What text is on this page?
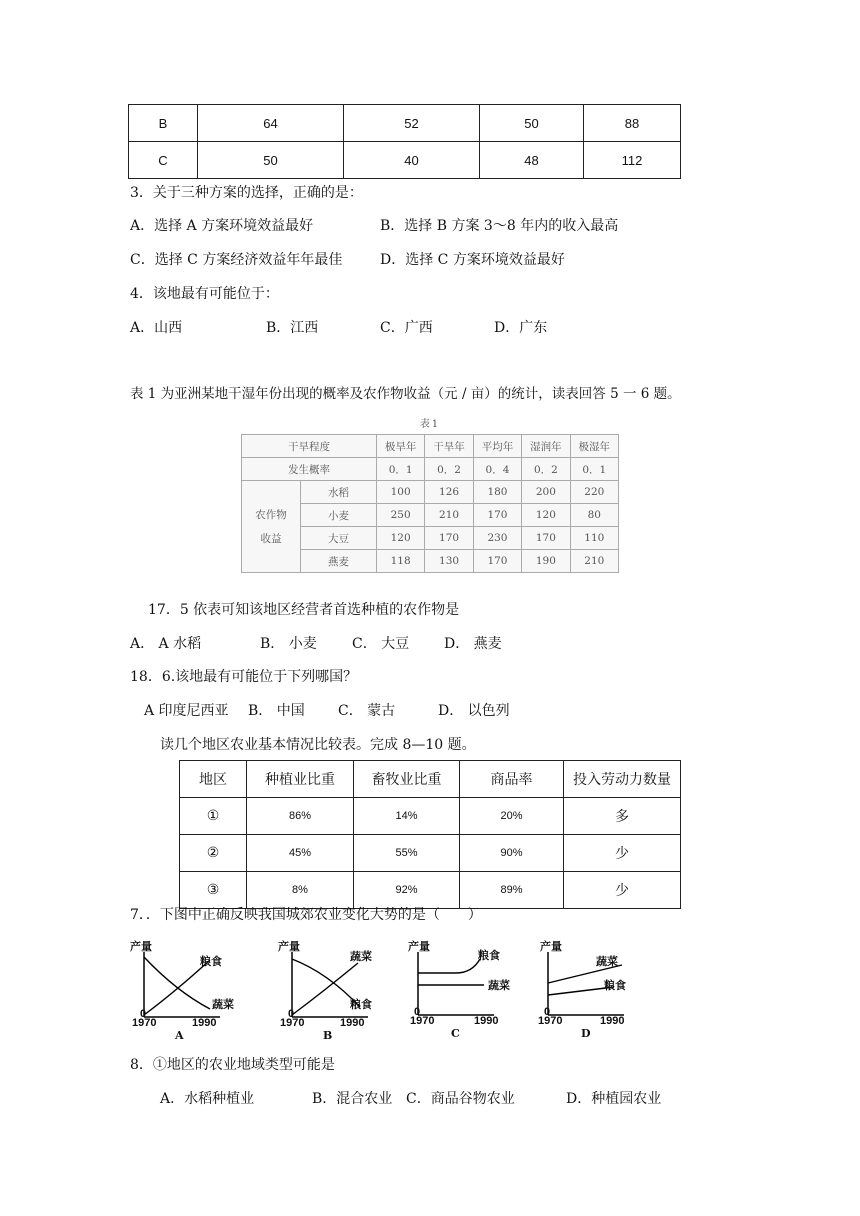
B	64	52	50	88
C	50	40	48	112
3．关于三种方案的选择，正确的是：
A．选择 A 方案环境效益最好	B．选择 B 方案 3～8 年内的收入最高
C．选择 C 方案经济效益年年最佳	D．选择 C 方案环境效益最好
4．该地最有可能位于：
A．山西	B．江西	C．广西	D．广东
表 1 为亚洲某地干湿年份出现的概率及农作物收益（元 / 亩）的统计，读表回答 5 一 6 题。
表1
干旱程度		极旱年	干旱年	平均年	湿润年	极湿年
发生概率		0．1	0．2	0．4	0．2	0．1
农作物
收益	水稻	100	126	180	200	220
	小麦	250	210	170	120	80
	大豆	120	170	230	170	110
	燕麦	118	130	170	190	210
17．5 依表可知该地区经营者首选种植的农作物是
A． A 水稻	B． 小麦	C． 大豆 D． 燕麦
18．6.该地最有可能位于下列哪国？
A 印度尼西亚 B． 中国 C． 蒙古	D． 以色列
读几个地区农业基本情况比较表。完成 8—10 题。
地区	种植业比重	畜牧业比重	商品率	投入劳动力数量
①	86%	14%	20%	多
②	45%	55%	90%	少
③	8%	92%	89%	少
7．．下图中正确反映我国城郊农业变化大势的是（　　）
产量
粮食
蔬菜
0
1970	1990
A
产量
蔬菜
粮食
0
1970	1990
B
产量
粮食
蔬菜
0
1970	1990
C
产量
蔬菜
粮食
0
1970	1990
D
8．①地区的农业地域类型可能是
A．水稻种植业	B．混合农业 C．商品谷物农业	D．种植园农业
